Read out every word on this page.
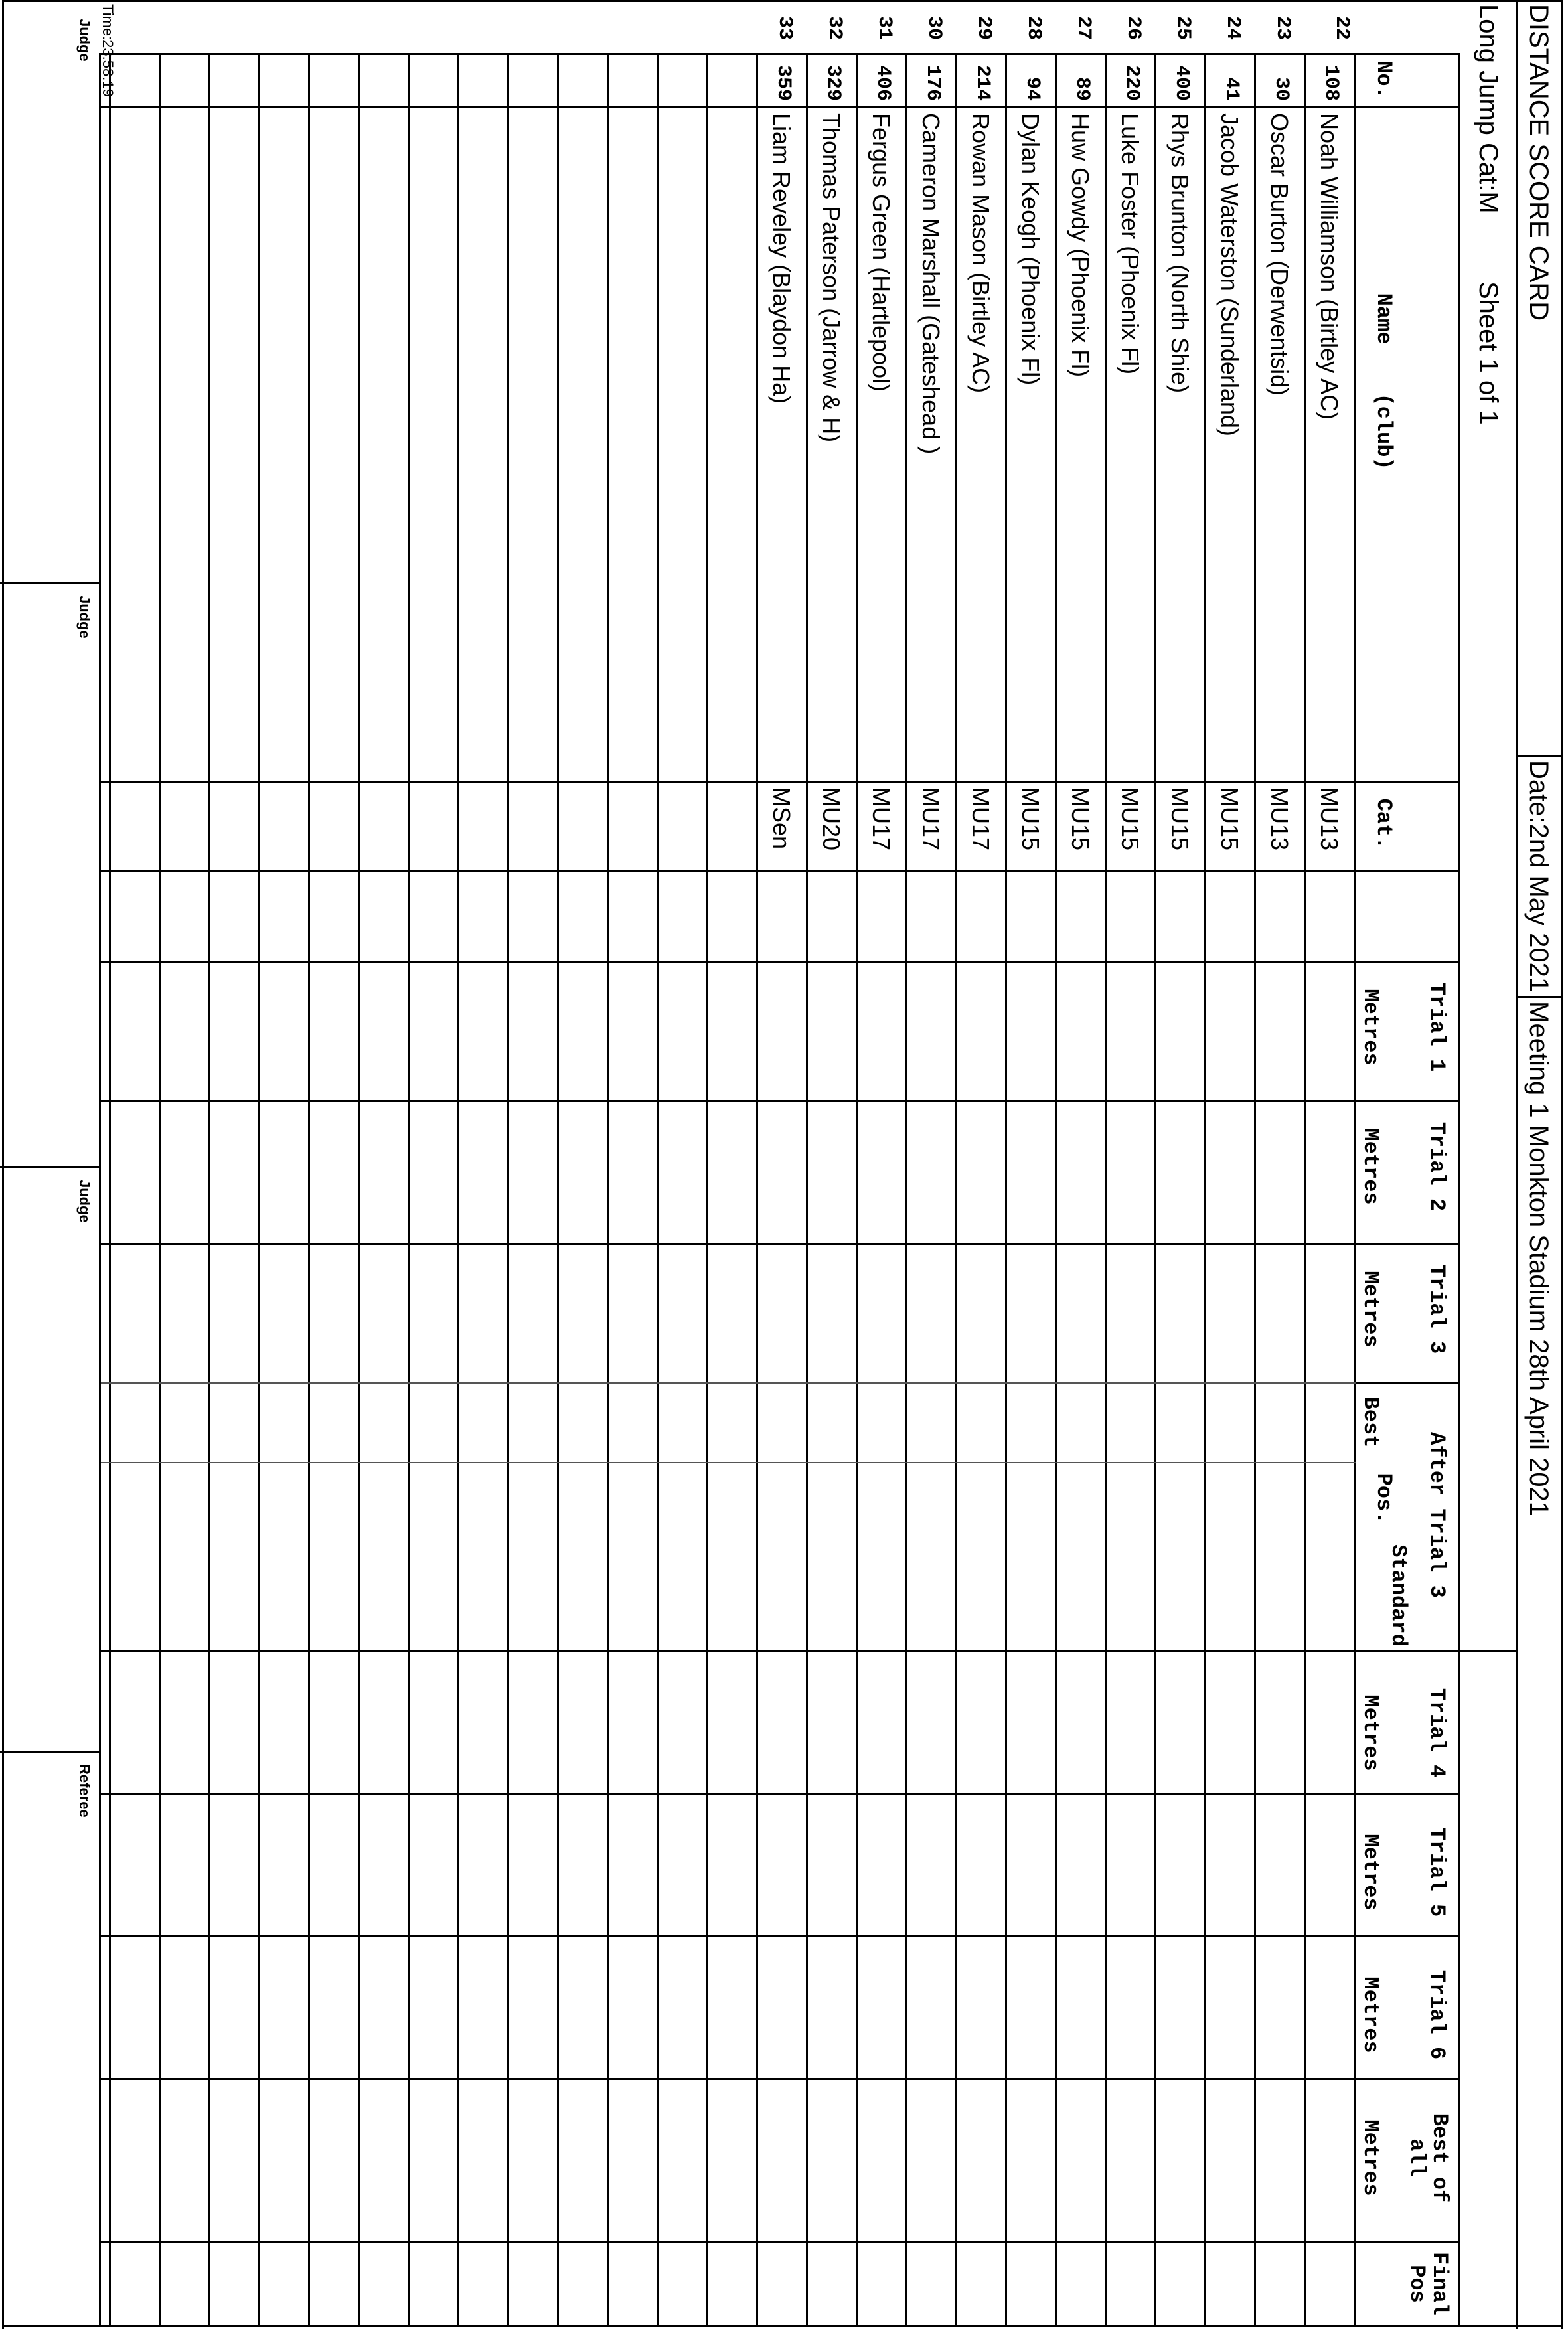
DISTANCE SCORE CARD
Date:2nd May 2021
Meeting 1 Monkton Stadium 28th April 2021
Long Jump Cat:M
Sheet 1 of 1
No.
Name
(club)
Cat.
Trial 1
Metres
Trial 2
Metres
Trial 3
Metres
After Trial 3
Best
Pos.
Standard
Trial 4
Metres
Trial 5
Metres
Trial 6
Metres
Best of
all
Metres
Final
Pos
108
Noah Williamson (Birtley AC)
MU13
30
Oscar Burton (Derwentsid)
MU13
41
Jacob Waterston (Sunderland)
MU15
400
Rhys Brunton (North Shie)
MU15
220
Luke Foster (Phoenix Fl)
MU15
89
Huw Gowdy (Phoenix Fl)
MU15
94
Dylan Keogh (Phoenix Fl)
MU15
214
Rowan Mason (Birtley AC)
MU17
176
Cameron Marshall (Gateshead )
MU17
406
Fergus Green (Hartlepool)
MU17
329
Thomas Paterson (Jarrow & H)
MU20
359
Liam Reveley (Blaydon Ha)
MSen
22
23
24
25
26
27
28
29
30
31
32
33
Judge
Judge
Judge
Referee
Time:23:58:19
